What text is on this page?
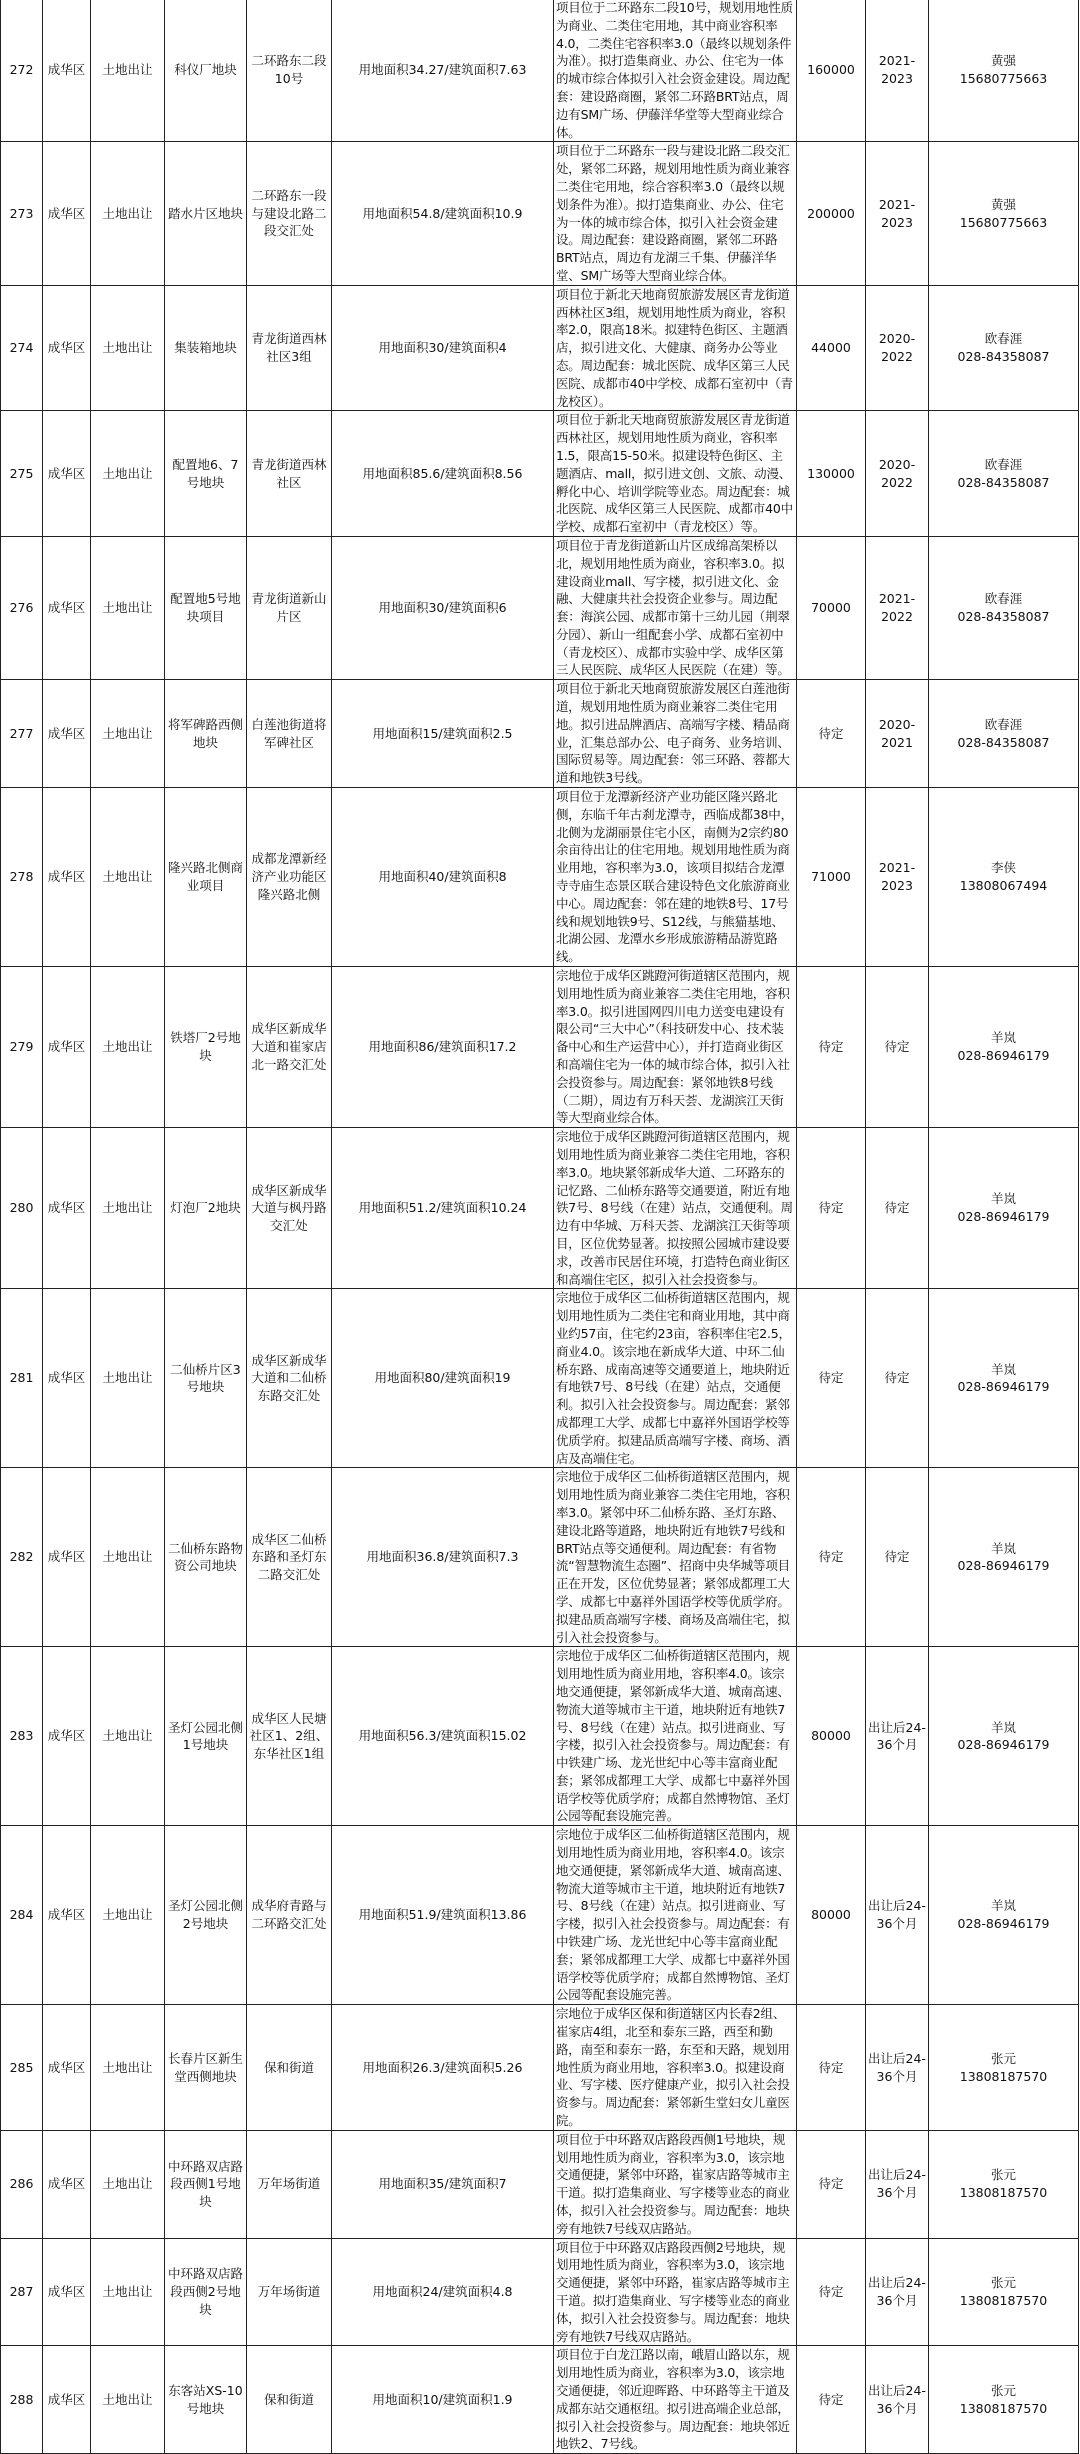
272	成华区	土地出让	科仪厂地块	二环路东二段10号	用地面积34.27/建筑面积7.63	项目位于二环路东二段10号，规划用地性质为商业、二类住宅用地，其中商业容积率4.0，二类住宅容积率3.0（最终以规划条件为准）。拟打造集商业、办公、住宅为一体的城市综合体拟引入社会资金建设。周边配套：建设路商圈，紧邻二环路BRT站点，周边有SM广场、伊藤洋华堂等大型商业综合体。	160000	2021-2023	黄强
15680775663

273	成华区	土地出让	踏水片区地块	二环路东一段与建设北路二段交汇处	用地面积54.8/建筑面积10.9	项目位于二环路东一段与建设北路二段交汇处，紧邻二环路，规划用地性质为商业兼容二类住宅用地，综合容积率3.0（最终以规划条件为准）。拟打造集商业、办公、住宅为一体的城市综合体，拟引入社会资金建设。周边配套：建设路商圈，紧邻二环路BRT站点，周边有龙湖三千集、伊藤洋华堂、SM广场等大型商业综合体。	200000	2021-2023	黄强
15680775663

274	成华区	土地出让	集装箱地块	青龙街道西林社区3组	用地面积30/建筑面积4	项目位于新北天地商贸旅游发展区青龙街道西林社区3组，规划用地性质为商业，容积率2.0，限高18米。拟建特色街区、主题酒店，拟引进文化、大健康、商务办公等业态。周边配套：城北医院、成华区第三人民医院、成都市40中学校、成都石室初中（青龙校区）。	44000	2020-2022	欧春涯
028-84358087

275	成华区	土地出让	配置地6、7号地块	青龙街道西林社区	用地面积85.6/建筑面积8.56	项目位于新北天地商贸旅游发展区青龙街道西林社区，规划用地性质为商业，容积率1.5，限高15-50米。拟建设特色街区、主题酒店、mall，拟引进文创、文旅、动漫、孵化中心、培训学院等业态。周边配套：城北医院、成华区第三人民医院、成都市40中学校、成都石室初中（青龙校区）等。	130000	2020-2022	欧春涯
028-84358087

276	成华区	土地出让	配置地5号地块项目	青龙街道新山片区	用地面积30/建筑面积6	项目位于青龙街道新山片区成绵高架桥以北，规划用地性质为商业，容积率3.0。拟建设商业mall、写字楼，拟引进文化、金融、大健康共社会投资企业参与。周边配套：海滨公园、成都市第十三幼儿园（荆翠分园）、新山一组配套小学、成都石室初中（青龙校区）、成都市实验中学、成华区第三人民医院、成华区人民医院（在建）等。	70000	2021-2022	欧春涯
028-84358087

277	成华区	土地出让	将军碑路西侧地块	白莲池街道将军碑社区	用地面积15/建筑面积2.5	项目位于新北天地商贸旅游发展区白莲池街道，规划用地性质为商业兼容二类住宅用地。拟引进品牌酒店、高端写字楼、精品商业，汇集总部办公、电子商务、业务培训、国际贸易等。周边配套：邻三环路、蓉都大道和地铁3号线。	待定	2020-2021	欧春涯
028-84358087

278	成华区	土地出让	隆兴路北侧商业项目	成都龙潭新经济产业功能区隆兴路北侧	用地面积40/建筑面积8	项目位于龙潭新经济产业功能区隆兴路北侧，东临千年古刹龙潭寺，西临成都38中，北侧为龙湖丽景住宅小区，南侧为2宗约80余亩待出让的住宅用地。规划用地性质为商业用地，容积率为3.0，该项目拟结合龙潭寺寺庙生态景区联合建设特色文化旅游商业中心。周边配套：邻在建的地铁8号、17号线和规划地铁9号、S12线，与熊猫基地、北湖公园、龙潭水乡形成旅游精品游览路线。	71000	2021-2023	李侠
13808067494

279	成华区	土地出让	铁塔厂2号地块	成华区新成华大道和崔家店北一路交汇处	用地面积86/建筑面积17.2	宗地位于成华区跳蹬河街道辖区范围内，规划用地性质为商业兼容二类住宅用地，容积率3.0。拟引进国网四川电力送变电建设有限公司“三大中心”（科技研发中心、技术装备中心和生产运营中心），并打造商业街区和高端住宅为一体的城市综合体，拟引入社会投资参与。周边配套：紧邻地铁8号线（二期），周边有万科天荟、龙湖滨江天街等大型商业综合体。	待定	待定	羊岚
028-86946179

280	成华区	土地出让	灯泡厂2地块	成华区新成华大道与枫丹路交汇处	用地面积51.2/建筑面积10.24	宗地位于成华区跳蹬河街道辖区范围内，规划用地性质为商业兼容二类住宅用地，容积率3.0。地块紧邻新成华大道、二环路东的记忆路、二仙桥东路等交通要道，附近有地铁7号、8号线（在建）站点，交通便利。周边有中华城、万科天荟、龙湖滨江天街等项目，区位优势显著。拟按照公园城市建设要求，改善市民居住环境，打造特色商业街区和高端住宅区，拟引入社会投资参与。	待定	待定	羊岚
028-86946179

281	成华区	土地出让	二仙桥片区3号地块	成华区新成华大道和二仙桥东路交汇处	用地面积80/建筑面积19	宗地位于成华区二仙桥街道辖区范围内，规划用地性质为二类住宅和商业用地，其中商业约57亩，住宅约23亩，容积率住宅2.5，商业4.0。该宗地在新成华大道、中环二仙桥东路、成南高速等交通要道上，地块附近有地铁7号、8号线（在建）站点，交通便利。拟引入社会投资参与。周边配套：紧邻成都理工大学、成都七中嘉祥外国语学校等优质学府。拟建品质高端写字楼、商场、酒店及高端住宅。	待定	待定	羊岚
028-86946179

282	成华区	土地出让	二仙桥东路物资公司地块	成华区二仙桥东路和圣灯东二路交汇处	用地面积36.8/建筑面积7.3	宗地位于成华区二仙桥街道辖区范围内，规划用地性质为商业兼容二类住宅用地，容积率3.0。紧邻中环二仙桥东路、圣灯东路、建设北路等道路，地块附近有地铁7号线和BRT站点等交通便利。周边配套：有省物流“智慧物流生态圈”、招商中央华城等项目正在开发，区位优势显著；紧邻成都理工大学、成都七中嘉祥外国语学校等优质学府。拟建品质高端写字楼、商场及高端住宅，拟引入社会投资参与。	待定	待定	羊岚
028-86946179

283	成华区	土地出让	圣灯公园北侧1号地块	成华区人民塘社区1、2组、东华社区1组	用地面积56.3/建筑面积15.02	宗地位于成华区二仙桥街道辖区范围内，规划用地性质为商业用地，容积率4.0。该宗地交通便捷，紧邻新成华大道、城南高速、物流大道等城市主干道，地块附近有地铁7号、8号线（在建）站点。拟引进商业、写字楼，拟引入社会投资参与。周边配套：有中铁建广场、龙光世纪中心等丰富商业配套；紧邻成都理工大学、成都七中嘉祥外国语学校等优质学府；成都自然博物馆、圣灯公园等配套设施完善。	80000	出让后24-36个月	羊岚
028-86946179

284	成华区	土地出让	圣灯公园北侧2号地块	成华府青路与二环路交汇处	用地面积51.9/建筑面积13.86	宗地位于成华区二仙桥街道辖区范围内，规划用地性质为商业用地，容积率4.0。该宗地交通便捷，紧邻新成华大道、城南高速、物流大道等城市主干道，地块附近有地铁7号、8号线（在建）站点。拟引进商业、写字楼，拟引入社会投资参与。周边配套：有中铁建广场、龙光世纪中心等丰富商业配套；紧邻成都理工大学、成都七中嘉祥外国语学校等优质学府；成都自然博物馆、圣灯公园等配套设施完善。	80000	出让后24-36个月	羊岚
028-86946179

285	成华区	土地出让	长春片区新生堂西侧地块	保和街道	用地面积26.3/建筑面积5.26	宗地位于成华区保和街道辖区内长春2组、崔家店4组，北至和泰东三路，西至和勤路，南至和泰东一路，东至和天路，规划用地性质为商业用地，容积率3.0。拟建设商业、写字楼、医疗健康产业，拟引入社会投资参与。周边配套：紧邻新生堂妇女儿童医院。	待定	出让后24-36个月	张元
13808187570

286	成华区	土地出让	中环路双店路段西侧1号地块	万年场街道	用地面积35/建筑面积7	项目位于中环路双店路段西侧1号地块，规划用地性质为商业，容积率为3.0，该宗地交通便捷，紧邻中环路，崔家店路等城市主干道。拟打造集商业、写字楼等业态的商业体，拟引入社会投资参与。周边配套：地块旁有地铁7号线双店路站。	待定	出让后24-36个月	张元
13808187570

287	成华区	土地出让	中环路双店路段西侧2号地块	万年场街道	用地面积24/建筑面积4.8	项目位于中环路双店路段西侧2号地块，规划用地性质为商业，容积率为3.0，该宗地交通便捷，紧邻中环路，崔家店路等城市主干道。拟打造集商业、写字楼等业态的商业体，拟引入社会投资参与。周边配套：地块旁有地铁7号线双店路站。	待定	出让后24-36个月	张元
13808187570

288	成华区	土地出让	东客站XS-10号地块	保和街道	用地面积10/建筑面积1.9	项目位于白龙江路以南，峨眉山路以东，规划用地性质为商业，容积率为3.0，该宗地交通便捷，邻近迎晖路、中环路等主干道及成都东站交通枢纽。拟引进高端企业总部，拟引入社会投资参与。周边配套：地块邻近地铁2、7号线。	待定	出让后24-36个月	张元
13808187570
